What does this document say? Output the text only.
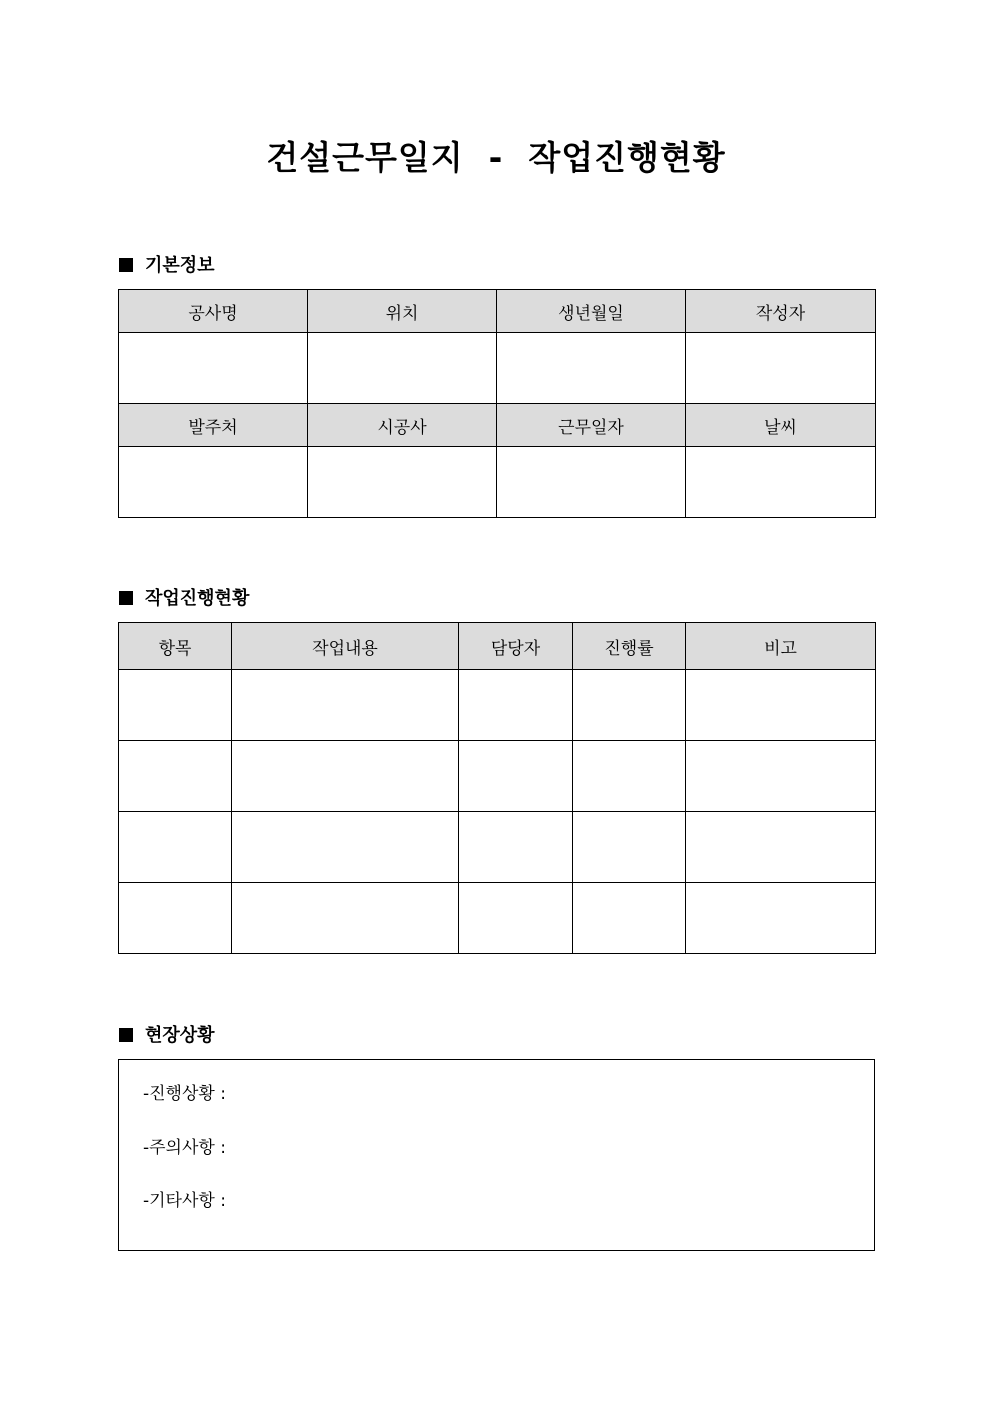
건설근무일지  -  작업진행현황
기본정보
공사명	위치	생년월일	작성자

발주처	시공사	근무일자	날씨

작업진행현황
항목	작업내용	담당자	진행률	비고

현장상황
-진행상황 :
-주의사항 :
-기타사항 :
